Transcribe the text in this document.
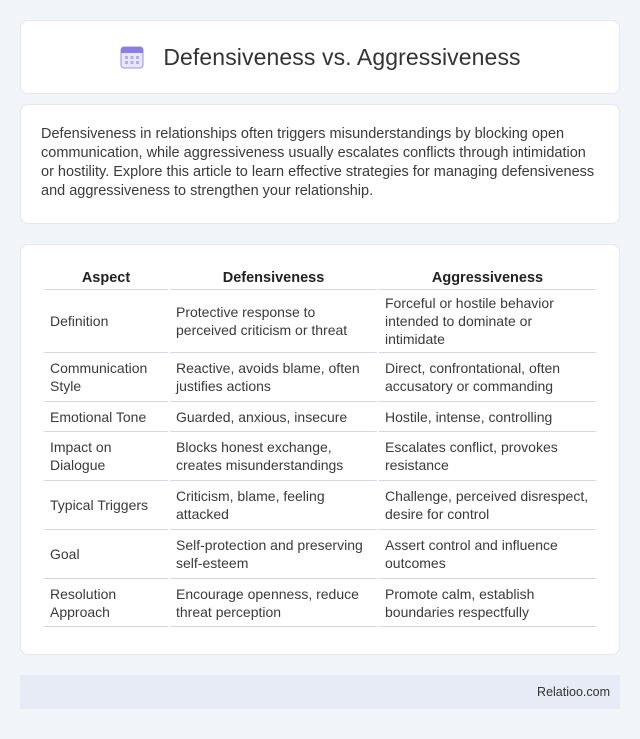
Defensiveness vs. Aggressiveness

Defensiveness in relationships often triggers misunderstandings by blocking open communication, while aggressiveness usually escalates conflicts through intimidation or hostility. Explore this article to learn effective strategies for managing defensiveness and aggressiveness to strengthen your relationship.

Aspect	Defensiveness	Aggressiveness
Definition	Protective response to perceived criticism or threat	Forceful or hostile behavior intended to dominate or intimidate
Communication Style	Reactive, avoids blame, often justifies actions	Direct, confrontational, often accusatory or commanding
Emotional Tone	Guarded, anxious, insecure	Hostile, intense, controlling
Impact on Dialogue	Blocks honest exchange, creates misunderstandings	Escalates conflict, provokes resistance
Typical Triggers	Criticism, blame, feeling attacked	Challenge, perceived disrespect, desire for control
Goal	Self-protection and preserving self-esteem	Assert control and influence outcomes
Resolution Approach	Encourage openness, reduce threat perception	Promote calm, establish boundaries respectfully
Relatioo.com
